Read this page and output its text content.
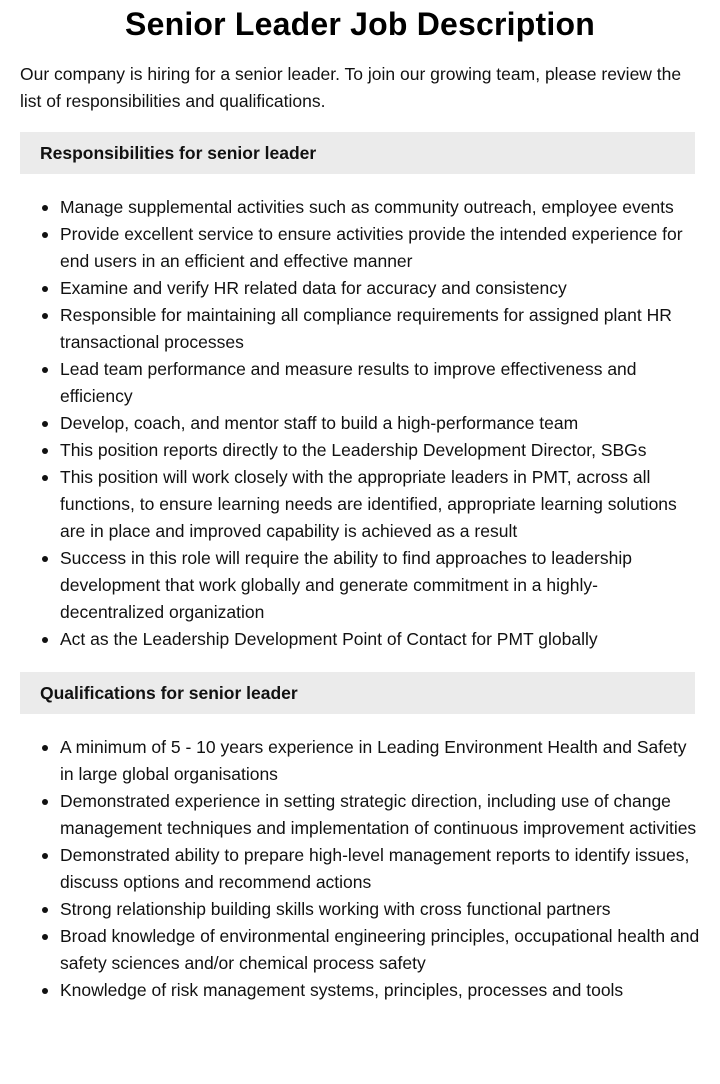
Senior Leader Job Description

Our company is hiring for a senior leader. To join our growing team, please review the list of responsibilities and qualifications.

Responsibilities for senior leader
Manage supplemental activities such as community outreach, employee events
Provide excellent service to ensure activities provide the intended experience for end users in an efficient and effective manner
Examine and verify HR related data for accuracy and consistency
Responsible for maintaining all compliance requirements for assigned plant HR transactional processes
Lead team performance and measure results to improve effectiveness and efficiency
Develop, coach, and mentor staff to build a high-performance team
This position reports directly to the Leadership Development Director, SBGs
This position will work closely with the appropriate leaders in PMT, across all functions, to ensure learning needs are identified, appropriate learning solutions are in place and improved capability is achieved as a result
Success in this role will require the ability to find approaches to leadership development that work globally and generate commitment in a highly-decentralized organization
Act as the Leadership Development Point of Contact for PMT globally
Qualifications for senior leader
A minimum of 5 - 10 years experience in Leading Environment Health and Safety in large global organisations
Demonstrated experience in setting strategic direction, including use of change management techniques and implementation of continuous improvement activities
Demonstrated ability to prepare high-level management reports to identify issues, discuss options and recommend actions
Strong relationship building skills working with cross functional partners
Broad knowledge of environmental engineering principles, occupational health and safety sciences and/or chemical process safety
Knowledge of risk management systems, principles, processes and tools
